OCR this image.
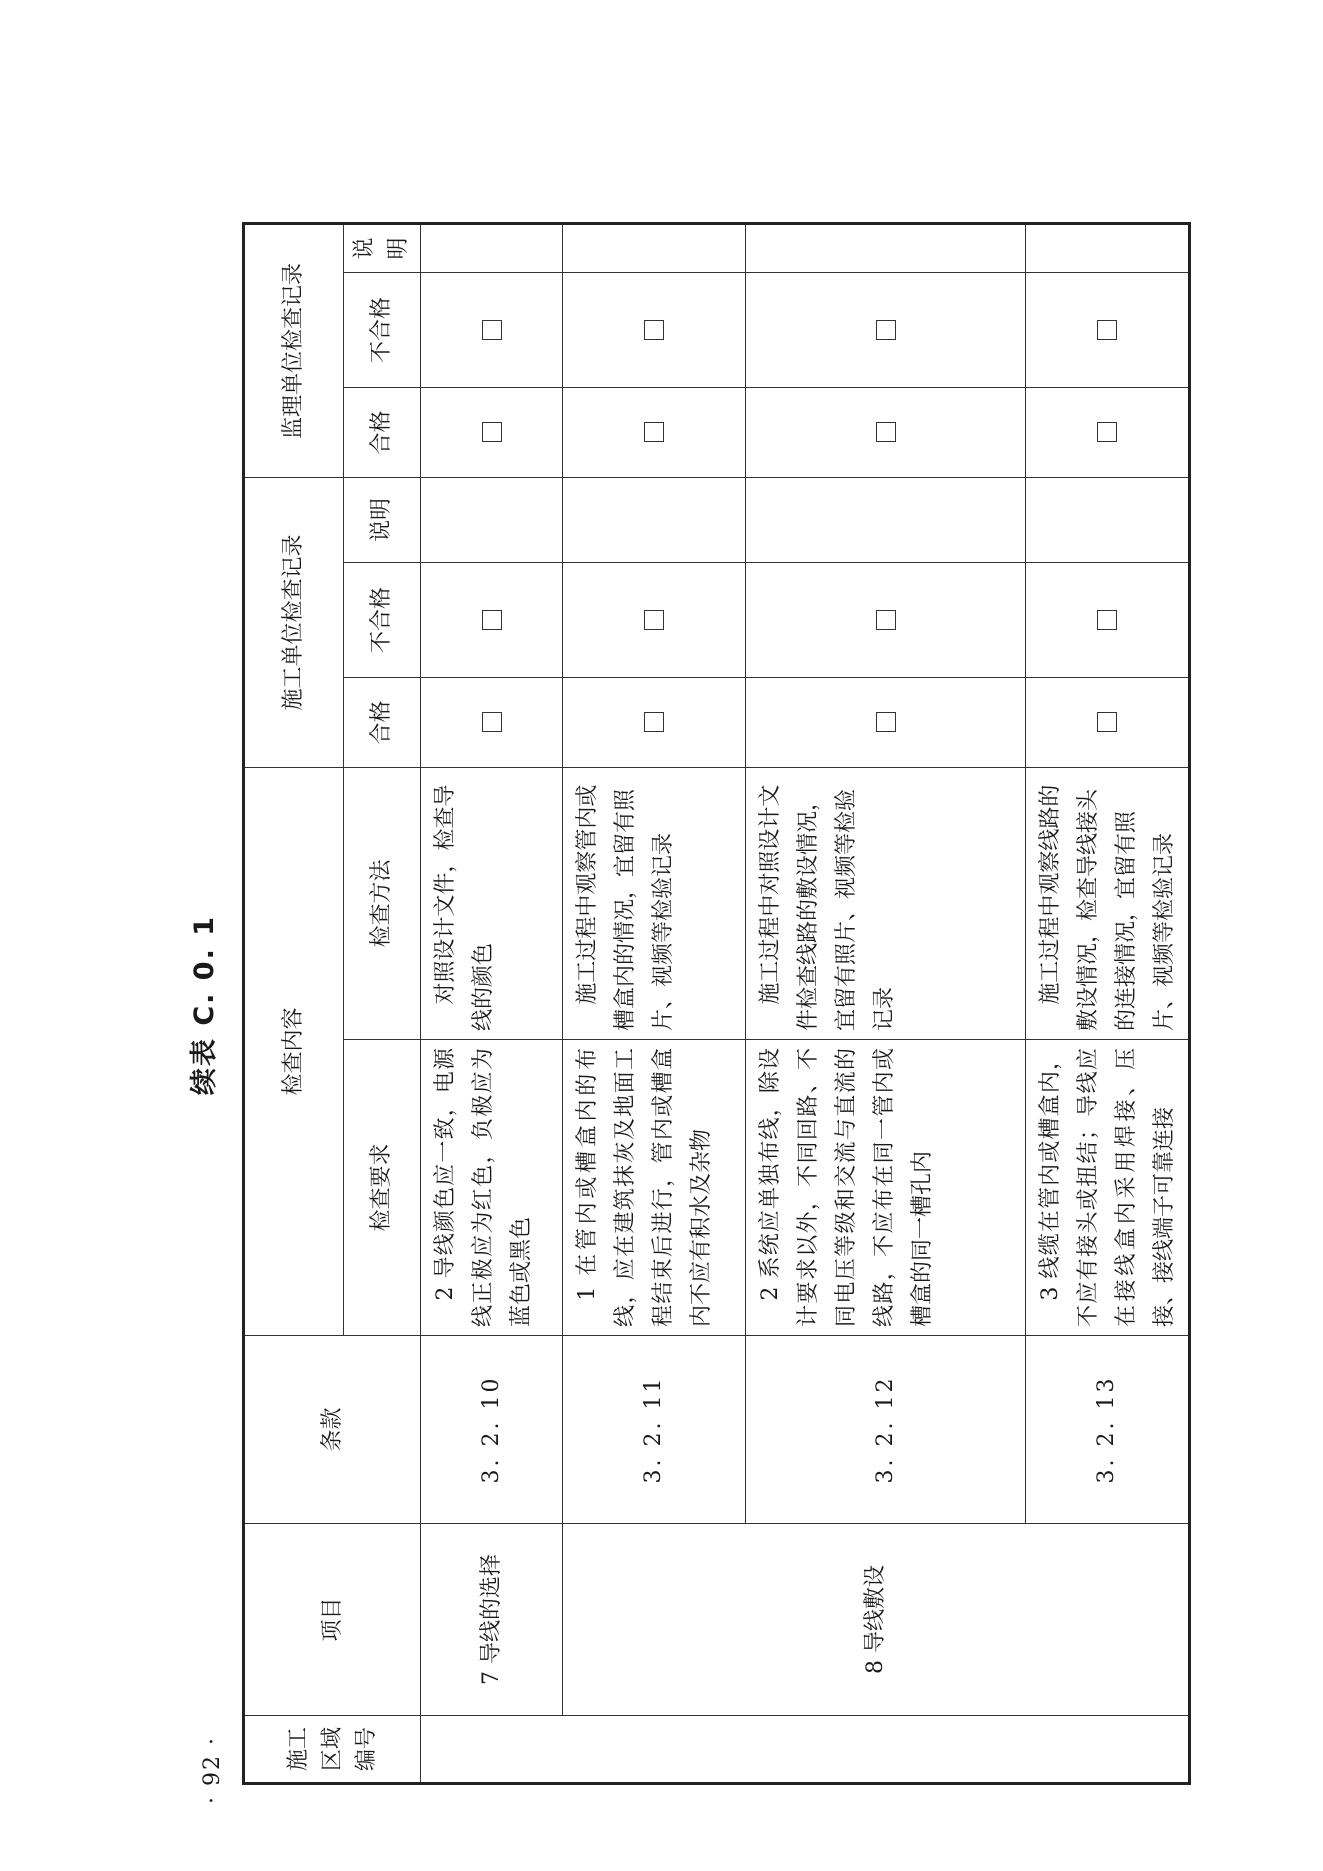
续表 C. 0. 1
施工区域编号	项目	条款	检查内容		施工单位检查记录			监理单位检查记录		
			检查要求	检查方法	合格	不合格	说明	合格	不合格	说明
	7 导线的选择	3. 2. 10	2 导线颜色应一致，电源线正极应为红色，负极应为蓝色或黑色	对照设计文件，检查导线的颜色						
	8 导线敷设	3. 2. 11	1 在管内或槽盒内的布线，应在建筑抹灰及地面工程结束后进行，管内或槽盒内不应有积水及杂物	施工过程中观察管内或槽盒内的情况，宜留有照片、视频等检验记录						
		3. 2. 12	2 系统应单独布线，除设计要求以外，不同回路、不同电压等级和交流与直流的线路，不应布在同一管内或槽盒的同一槽孔内	施工过程中对照设计文件检查线路的敷设情况，宜留有照片、视频等检验记录						
		3. 2. 13	3 线缆在管内或槽盒内，不应有接头或扭结；导线应在接线盒内采用焊接、压接、接线端子可靠连接	施工过程中观察线路的敷设情况，检查导线接头的连接情况，宜留有照片、视频等检验记录						
· 92 ·
